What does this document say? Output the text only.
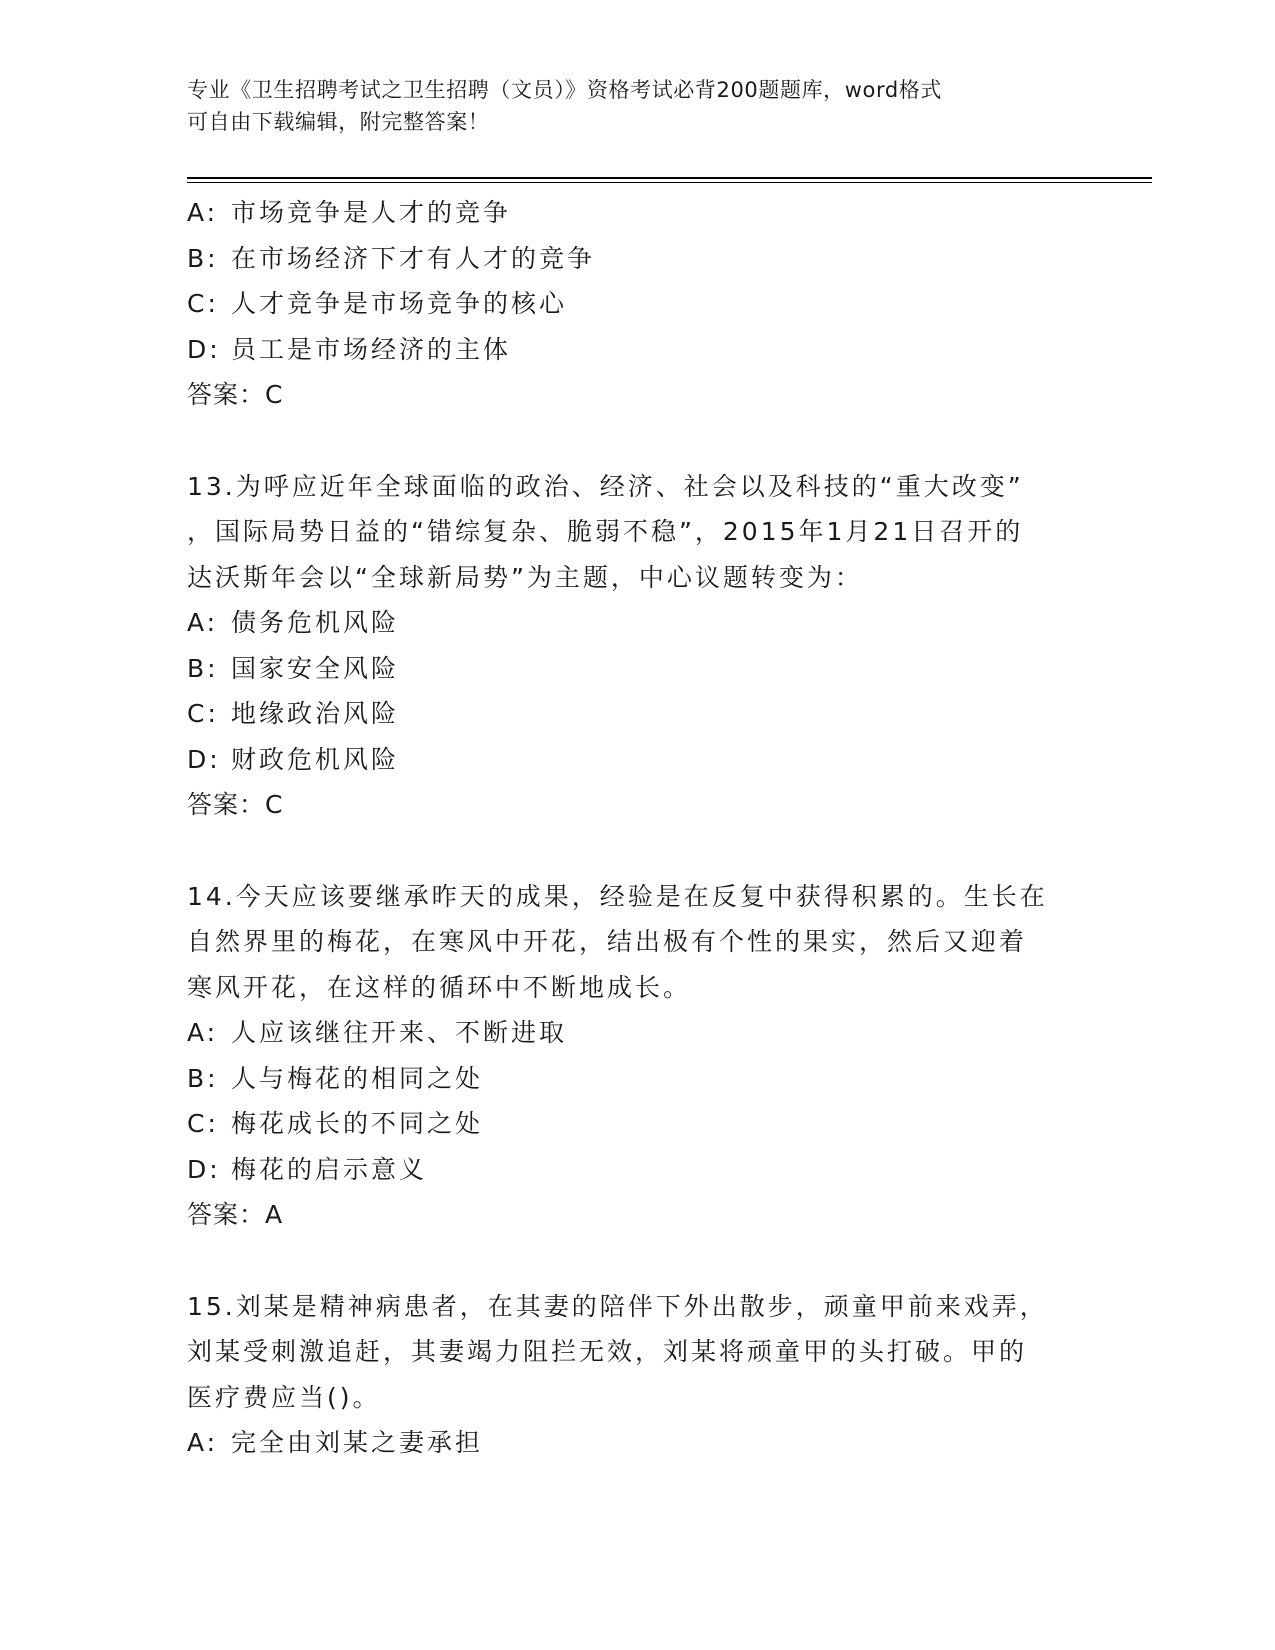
专业《卫生招聘考试之卫生招聘（文员）》资格考试必背200题题库，word格式
可自由下载编辑，附完整答案！
A: 市场竞争是人才的竞争
B: 在市场经济下才有人才的竞争
C: 人才竞争是市场竞争的核心
D: 员工是市场经济的主体
答案：C
13.为呼应近年全球面临的政治、经济、社会以及科技的“重大改变”
，国际局势日益的“错综复杂、脆弱不稳”，2015年1月21日召开的
达沃斯年会以“全球新局势”为主题，中心议题转变为：
A: 债务危机风险
B: 国家安全风险
C: 地缘政治风险
D: 财政危机风险
答案：C
14.今天应该要继承昨天的成果，经验是在反复中获得积累的。生长在
自然界里的梅花，在寒风中开花，结出极有个性的果实，然后又迎着
寒风开花，在这样的循环中不断地成长。
A: 人应该继往开来、不断进取
B: 人与梅花的相同之处
C: 梅花成长的不同之处
D: 梅花的启示意义
答案：A
15.刘某是精神病患者，在其妻的陪伴下外出散步，顽童甲前来戏弄，
刘某受刺激追赶，其妻竭力阻拦无效，刘某将顽童甲的头打破。甲的
医疗费应当()。
A: 完全由刘某之妻承担
